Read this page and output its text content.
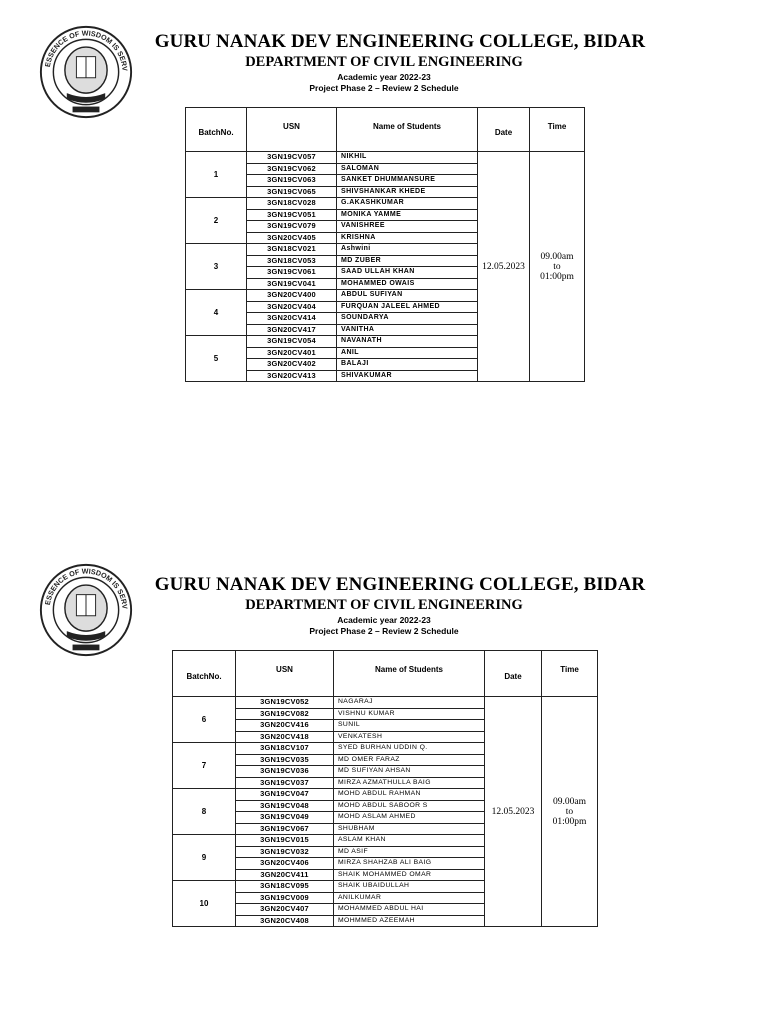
ESSENCE OF WISDOM IS SERV
GURU NANAK DEV ENGINEERING COLLEGE, BIDAR
DEPARTMENT OF CIVIL ENGINEERING
Academic year 2022-23
Project Phase 2 – Review 2 Schedule
BatchNo.	USN	Name of Students	Date	Time
1	3GN19CV057	NIKHIL	12.05.2023	09.00am
to
01:00pm

	3GN19CV062	SALOMAN		
	3GN19CV063	SANKET DHUMMANSURE		
	3GN19CV065	SHIVSHANKAR KHEDE		
2	3GN18CV028	G.AKASHKUMAR		
	3GN19CV051	MONIKA YAMME		
	3GN19CV079	VANISHREE		
	3GN20CV405	KRISHNA		
3	3GN18CV021	Ashwini		
	3GN18CV053	MD ZUBER		
	3GN19CV061	SAAD ULLAH KHAN		
	3GN19CV041	MOHAMMED OWAIS		
4	3GN20CV400	ABDUL SUFIYAN		
	3GN20CV404	FURQUAN JALEEL AHMED		
	3GN20CV414	SOUNDARYA		
	3GN20CV417	VANITHA		
5	3GN19CV054	NAVANATH		
	3GN20CV401	ANIL		
	3GN20CV402	BALAJI		
	3GN20CV413	SHIVAKUMAR		
ESSENCE OF WISDOM IS SERV
GURU NANAK DEV ENGINEERING COLLEGE, BIDAR
DEPARTMENT OF CIVIL ENGINEERING
Academic year 2022-23
Project Phase 2 – Review 2 Schedule
BatchNo.	USN	Name of Students	Date	Time
6	3GN19CV052	NAGARAJ	12.05.2023	09.00am
to
01:00pm

	3GN19CV082	VISHNU KUMAR		
	3GN20CV416	SUNIL		
	3GN20CV418	VENKATESH		
7	3GN18CV107	SYED BURHAN UDDIN Q.		
	3GN19CV035	MD OMER FARAZ		
	3GN19CV036	MD SUFIYAN AHSAN		
	3GN19CV037	MIRZA AZMATHULLA BAIG		
8	3GN19CV047	MOHD ABDUL RAHMAN		
	3GN19CV048	MOHD ABDUL SABOOR S		
	3GN19CV049	MOHD ASLAM AHMED		
	3GN19CV067	SHUBHAM		
9	3GN19CV015	ASLAM KHAN		
	3GN19CV032	MD ASIF		
	3GN20CV406	MIRZA SHAHZAB ALI BAIG		
	3GN20CV411	SHAIK MOHAMMED OMAR		
10	3GN18CV095	SHAIK UBAIDULLAH		
	3GN19CV009	ANILKUMAR		
	3GN20CV407	MOHAMMED ABDUL HAI		
	3GN20CV408	MOHMMED AZEEMAH		
